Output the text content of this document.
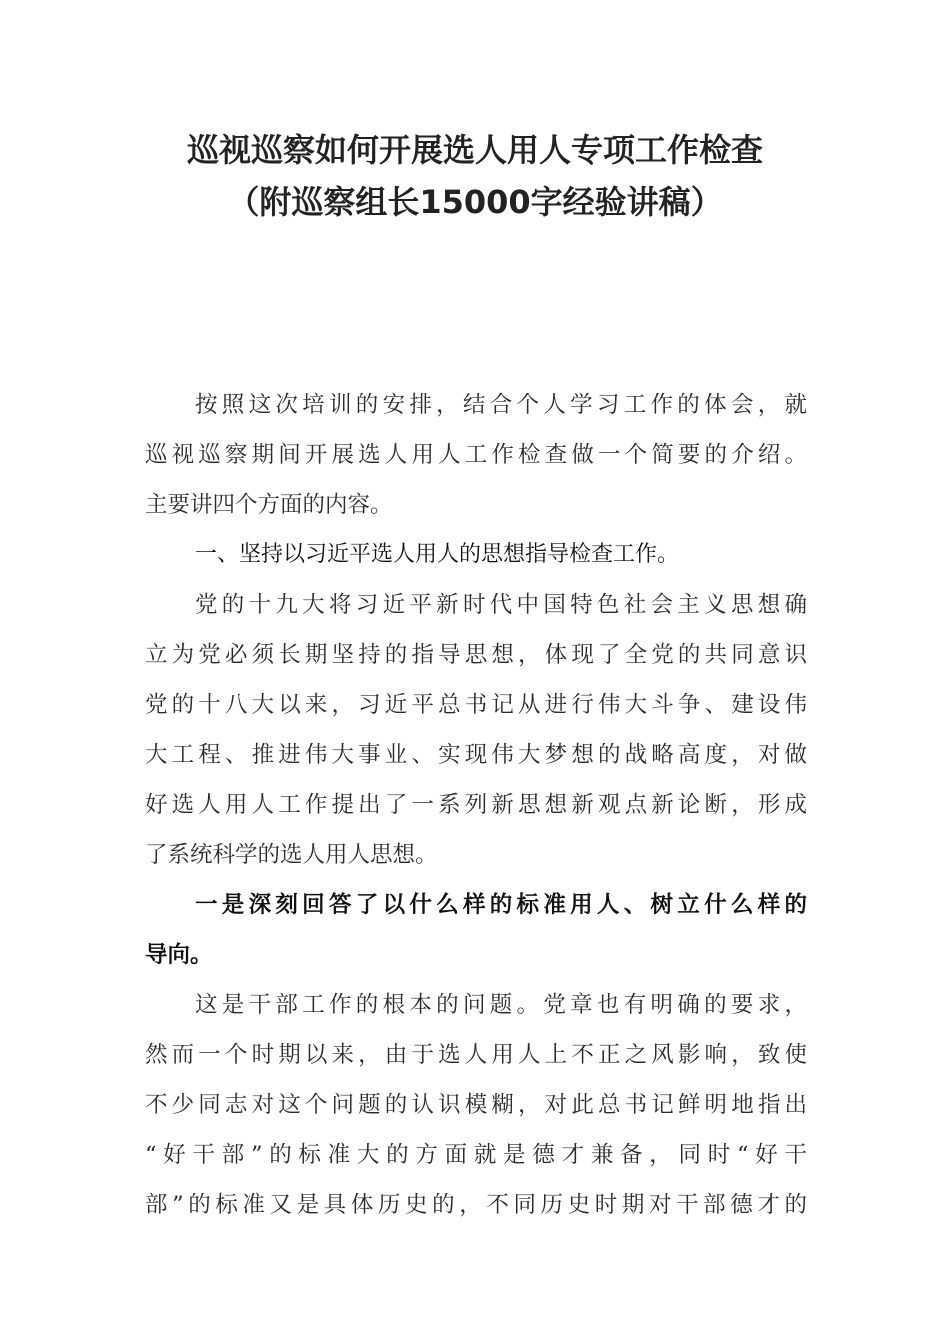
巡视巡察如何开展选人用人专项工作检查
（附巡察组长15000字经验讲稿）
按照这次培训的安排，结合个人学习工作的体会，就
巡视巡察期间开展选人用人工作检查做一个简要的介绍。
主要讲四个方面的内容。
一、坚持以习近平选人用人的思想指导检查工作。
党的十九大将习近平新时代中国特色社会主义思想确
立为党必须长期坚持的指导思想，体现了全党的共同意识
党的十八大以来，习近平总书记从进行伟大斗争、建设伟
大工程、推进伟大事业、实现伟大梦想的战略高度，对做
好选人用人工作提出了一系列新思想新观点新论断，形成
了系统科学的选人用人思想。
一是深刻回答了以什么样的标准用人、树立什么样的
导向。
这是干部工作的根本的问题。党章也有明确的要求，
然而一个时期以来，由于选人用人上不正之风影响，致使
不少同志对这个问题的认识模糊，对此总书记鲜明地指出
“好干部”的标准大的方面就是德才兼备，同时“好干
部”的标准又是具体历史的，不同历史时期对干部德才的
